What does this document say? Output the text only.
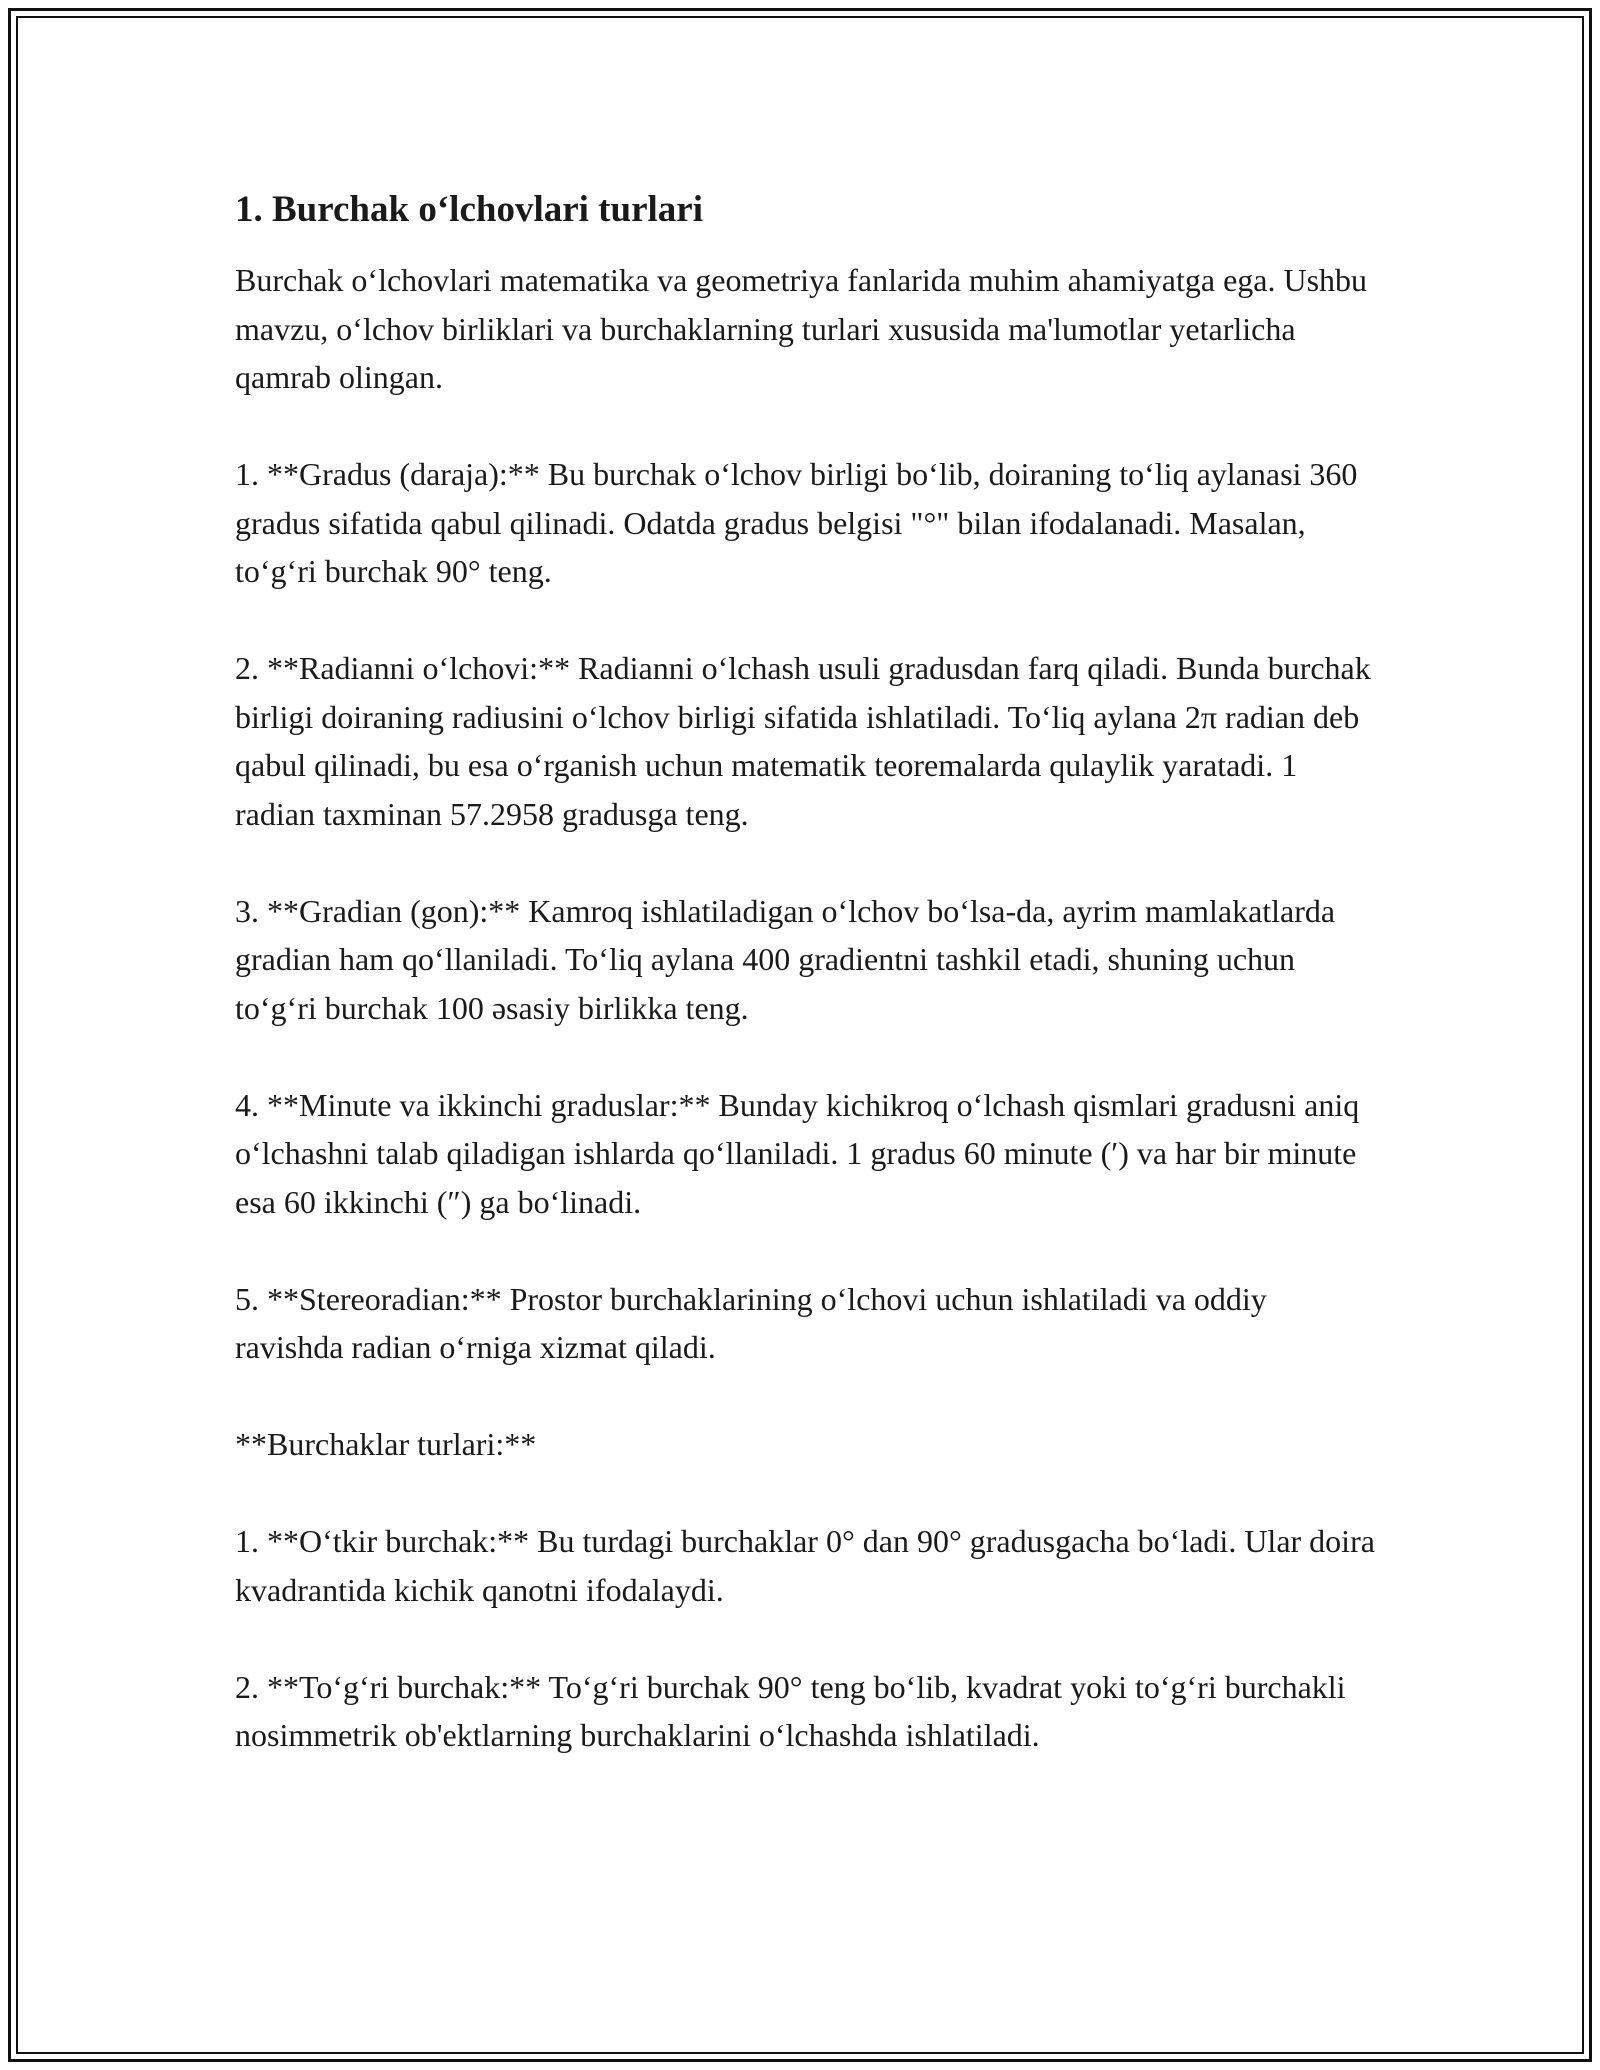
1. Burchak oʻlchovlari turlari

Burchak oʻlchovlari matematika va geometriya fanlarida muhim ahamiyatga ega. Ushbu mavzu, oʻlchov birliklari va burchaklarning turlari xususida ma'lumotlar yetarlicha qamrab olingan.

1. **Gradus (daraja):** Bu burchak oʻlchov birligi boʻlib, doiraning toʻliq aylanasi 360 gradus sifatida qabul qilinadi. Odatda gradus belgisi "°" bilan ifodalanadi. Masalan, toʻgʻri burchak 90° teng.

2. **Radianni oʻlchovi:** Radianni oʻlchash usuli gradusdan farq qiladi. Bunda burchak birligi doiraning radiusini oʻlchov birligi sifatida ishlatiladi. Toʻliq aylana 2π radian deb qabul qilinadi, bu esa oʻrganish uchun matematik teoremalarda qulaylik yaratadi. 1 radian taxminan 57.2958 gradusga teng.

3. **Gradian (gon):** Kamroq ishlatiladigan oʻlchov boʻlsa-da, ayrim mamlakatlarda gradian ham qoʻllaniladi. Toʻliq aylana 400 gradientni tashkil etadi, shuning uchun toʻgʻri burchak 100 əsasiy birlikka teng.

4. **Minute va ikkinchi graduslar:** Bunday kichikroq oʻlchash qismlari gradusni aniq oʻlchashni talab qiladigan ishlarda qoʻllaniladi. 1 gradus 60 minute (′) va har bir minute esa 60 ikkinchi (″) ga boʻlinadi.

5. **Stereoradian:** Prostor burchaklarining oʻlchovi uchun ishlatiladi va oddiy ravishda radian oʻrniga xizmat qiladi.

**Burchaklar turlari:**

1. **Oʻtkir burchak:** Bu turdagi burchaklar 0° dan 90° gradusgacha boʻladi. Ular doira kvadrantida kichik qanotni ifodalaydi.

2. **Toʻgʻri burchak:** Toʻgʻri burchak 90° teng boʻlib, kvadrat yoki toʻgʻri burchakli nosimmetrik ob'ektlarning burchaklarini oʻlchashda ishlatiladi.
